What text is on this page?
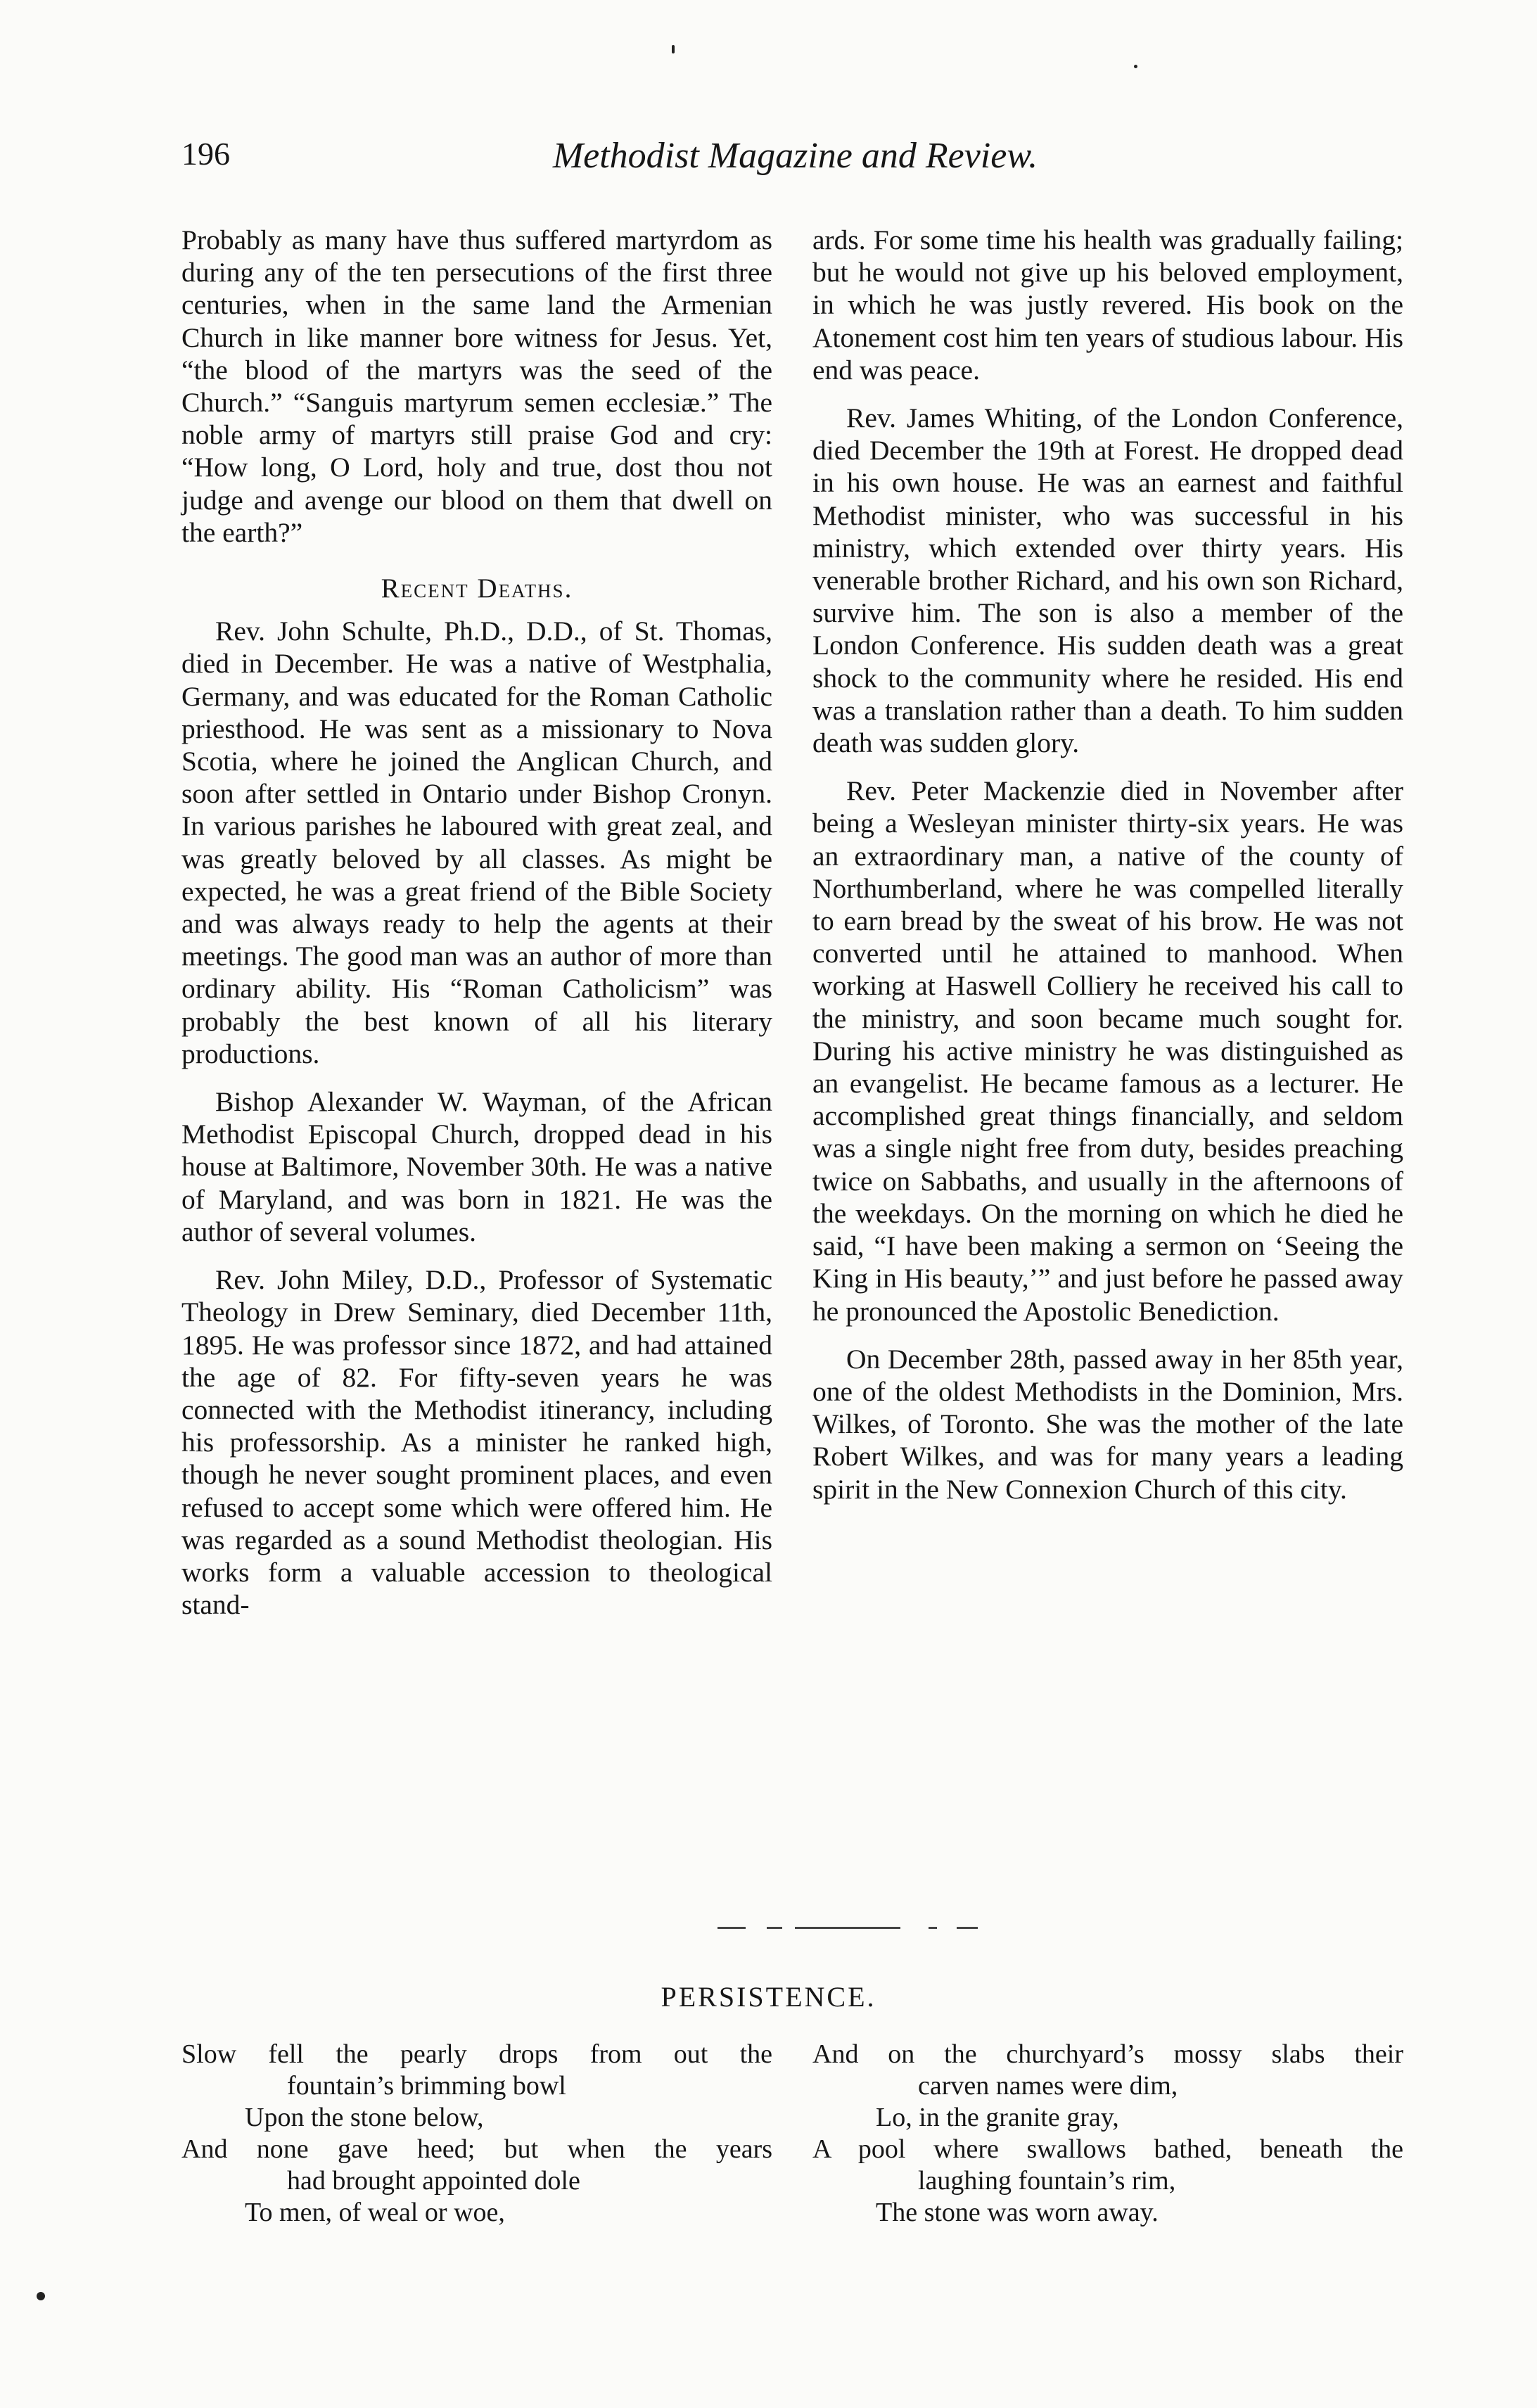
196	Methodist Magazine and Review.

Probably as many have thus suffered martyrdom as during any of the ten persecutions of the first three centuries, when in the same land the Armenian Church in like manner bore witness for Jesus. Yet, “the blood of the martyrs was the seed of the Church.” “Sanguis martyrum semen ecclesiæ.” The noble army of martyrs still praise God and cry: “How long, O Lord, holy and true, dost thou not judge and avenge our blood on them that dwell on the earth?”

Recent Deaths.

Rev. John Schulte, Ph.D., D.D., of St. Thomas, died in December. He was a native of Westphalia, Germany, and was educated for the Roman Catholic priesthood. He was sent as a missionary to Nova Scotia, where he joined the Anglican Church, and soon after settled in Ontario under Bishop Cronyn. In various parishes he laboured with great zeal, and was greatly beloved by all classes. As might be expected, he was a great friend of the Bible Society and was always ready to help the agents at their meetings. The good man was an author of more than ordinary ability. His “Roman Catholicism” was probably the best known of all his literary productions.

Bishop Alexander W. Wayman, of the African Methodist Episcopal Church, dropped dead in his house at Baltimore, November 30th. He was a native of Maryland, and was born in 1821. He was the author of several volumes.

Rev. John Miley, D.D., Professor of Systematic Theology in Drew Seminary, died December 11th, 1895. He was professor since 1872, and had attained the age of 82. For fifty-seven years he was connected with the Methodist itinerancy, including his professorship. As a minister he ranked high, though he never sought prominent places, and even refused to accept some which were offered him. He was regarded as a sound Methodist theologian. His works form a valuable accession to theological stand-

ards. For some time his health was gradually failing; but he would not give up his beloved employment, in which he was justly revered. His book on the Atonement cost him ten years of studious labour. His end was peace.

Rev. James Whiting, of the London Conference, died December the 19th at Forest. He dropped dead in his own house. He was an earnest and faithful Methodist minister, who was successful in his ministry, which extended over thirty years. His venerable brother Richard, and his own son Richard, survive him. The son is also a member of the London Conference. His sudden death was a great shock to the community where he resided. His end was a translation rather than a death. To him sudden death was sudden glory.

Rev. Peter Mackenzie died in November after being a Wesleyan minister thirty-six years. He was an extraordinary man, a native of the county of Northumberland, where he was compelled literally to earn bread by the sweat of his brow. He was not converted until he attained to manhood. When working at Haswell Colliery he received his call to the ministry, and soon became much sought for. During his active ministry he was distinguished as an evangelist. He became famous as a lecturer. He accomplished great things financially, and seldom was a single night free from duty, besides preaching twice on Sabbaths, and usually in the afternoons of the weekdays. On the morning on which he died he said, “I have been making a sermon on ‘Seeing the King in His beauty,’” and just before he passed away he pronounced the Apostolic Benediction.

On December 28th, passed away in her 85th year, one of the oldest Methodists in the Dominion, Mrs. Wilkes, of Toronto. She was the mother of the late Robert Wilkes, and was for many years a leading spirit in the New Connexion Church of this city.

PERSISTENCE.
Slow fell the pearly drops from out the
fountain’s brimming bowl
Upon the stone below,
And none gave heed; but when the years
had brought appointed dole
To men, of weal or woe,
And on the churchyard’s mossy slabs their
carven names were dim,
Lo, in the granite gray,
A pool where swallows bathed, beneath the
laughing fountain’s rim,
The stone was worn away.
